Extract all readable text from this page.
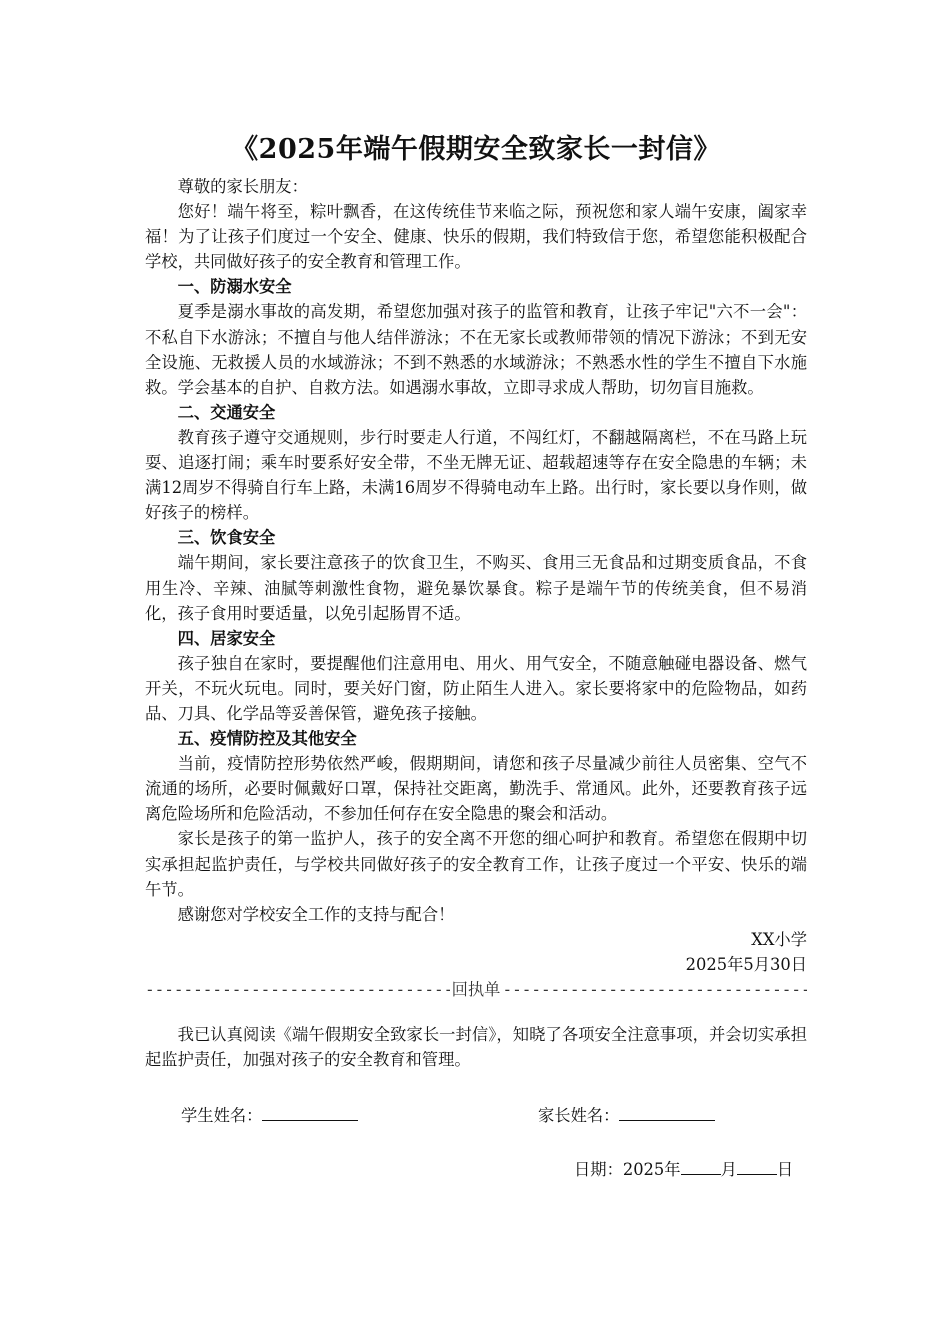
《2025年端午假期安全致家长一封信》

尊敬的家长朋友：

您好！端午将至，粽叶飘香，在这传统佳节来临之际，预祝您和家人端午安康，阖家幸福！为了让孩子们度过一个安全、健康、快乐的假期，我们特致信于您，希望您能积极配合学校，共同做好孩子的安全教育和管理工作。

一、防溺水安全

夏季是溺水事故的高发期，希望您加强对孩子的监管和教育，让孩子牢记"六不一会"：不私自下水游泳；不擅自与他人结伴游泳；不在无家长或教师带领的情况下游泳；不到无安全设施、无救援人员的水域游泳；不到不熟悉的水域游泳；不熟悉水性的学生不擅自下水施救。学会基本的自护、自救方法。如遇溺水事故，立即寻求成人帮助，切勿盲目施救。

二、交通安全

教育孩子遵守交通规则，步行时要走人行道，不闯红灯，不翻越隔离栏，不在马路上玩耍、追逐打闹；乘车时要系好安全带，不坐无牌无证、超载超速等存在安全隐患的车辆；未满12周岁不得骑自行车上路，未满16周岁不得骑电动车上路。出行时，家长要以身作则，做好孩子的榜样。

三、饮食安全

端午期间，家长要注意孩子的饮食卫生，不购买、食用三无食品和过期变质食品，不食用生冷、辛辣、油腻等刺激性食物，避免暴饮暴食。粽子是端午节的传统美食，但不易消化，孩子食用时要适量，以免引起肠胃不适。

四、居家安全

孩子独自在家时，要提醒他们注意用电、用火、用气安全，不随意触碰电器设备、燃气开关，不玩火玩电。同时，要关好门窗，防止陌生人进入。家长要将家中的危险物品，如药品、刀具、化学品等妥善保管，避免孩子接触。

五、疫情防控及其他安全

当前，疫情防控形势依然严峻，假期期间，请您和孩子尽量减少前往人员密集、空气不流通的场所，必要时佩戴好口罩，保持社交距离，勤洗手、常通风。此外，还要教育孩子远离危险场所和危险活动，不参加任何存在安全隐患的聚会和活动。

家长是孩子的第一监护人，孩子的安全离不开您的细心呵护和教育。希望您在假期中切实承担起监护责任，与学校共同做好孩子的安全教育工作，让孩子度过一个平安、快乐的端午节。

感谢您对学校安全工作的支持与配合！

XX小学

2025年5月30日

-----
回执单
-----

我已认真阅读《端午假期安全致家长一封信》，知晓了各项安全注意事项，并会切实承担起监护责任，加强对孩子的安全教育和管理。

学生姓名：	家长姓名：
日期：2025年 月 日
